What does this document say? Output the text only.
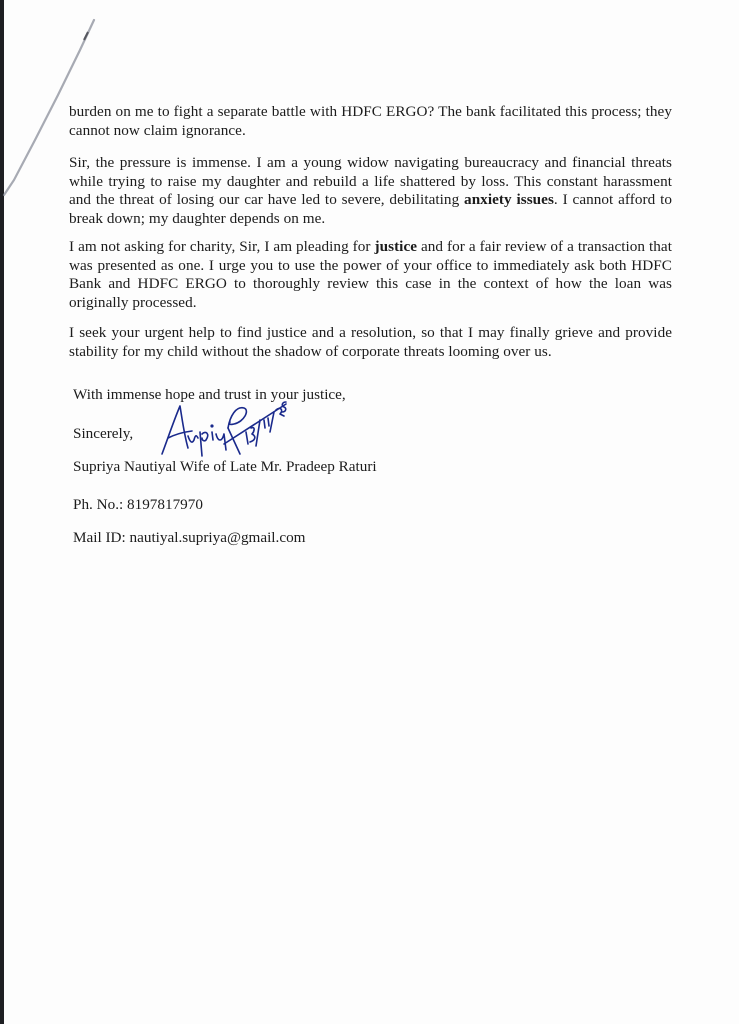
burden on me to fight a separate battle with HDFC ERGO? The bank facilitated this process; they cannot now claim ignorance.
Sir, the pressure is immense. I am a young widow navigating bureaucracy and financial threats while trying to raise my daughter and rebuild a life shattered by loss. This constant harassment and the threat of losing our car have led to severe, debilitating anxiety issues. I cannot afford to break down; my daughter depends on me.
I am not asking for charity, Sir, I am pleading for justice and for a fair review of a transaction that was presented as one. I urge you to use the power of your office to immediately ask both HDFC Bank and HDFC ERGO to thoroughly review this case in the context of how the loan was originally processed.
I seek your urgent help to find justice and a resolution, so that I may finally grieve and provide stability for my child without the shadow of corporate threats looming over us.
With immense hope and trust in your justice,
Sincerely,
Supriya Nautiyal Wife of Late Mr. Pradeep Raturi
Ph. No.: 8197817970
Mail ID: nautiyal.supriya@gmail.com
